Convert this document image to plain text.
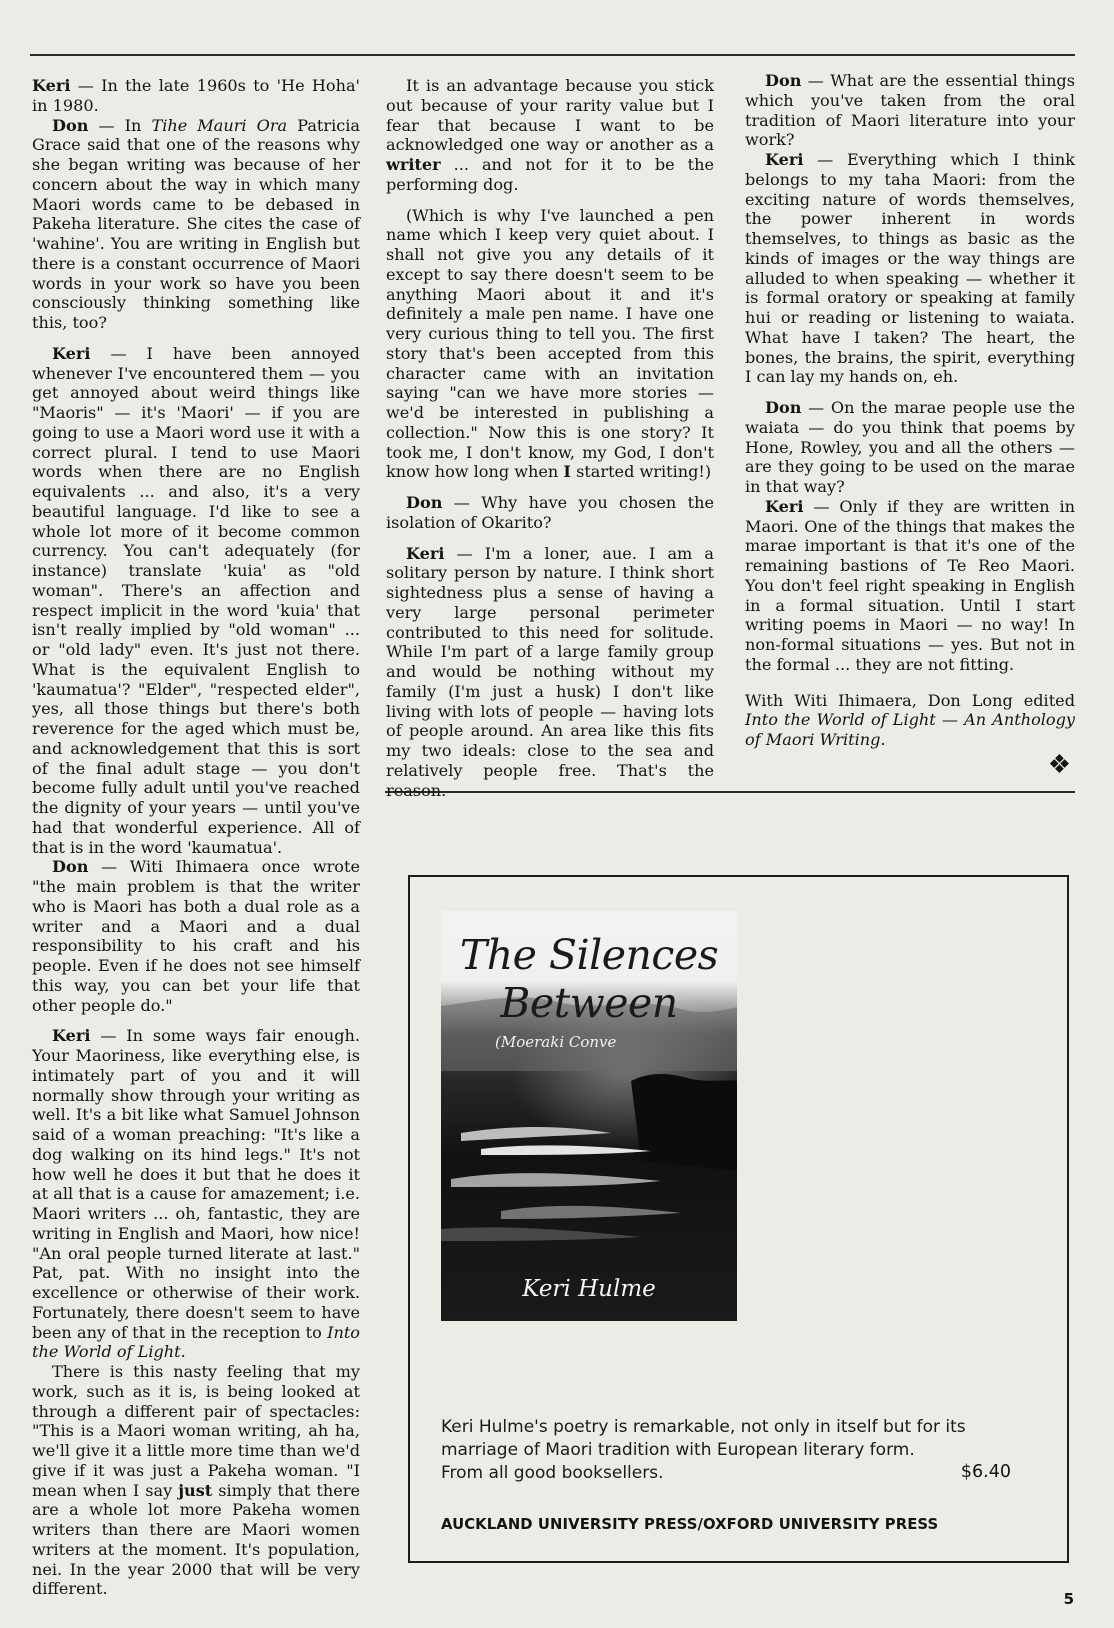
Keri — In the late 1960s to 'He Hoha' in 1980.

Don — In Tihe Mauri Ora Patricia Grace said that one of the reasons why she began writing was because of her concern about the way in which many Maori words came to be debased in Pakeha literature. She cites the case of 'wahine'. You are writing in English but there is a constant occurrence of Maori words in your work so have you been consciously thinking something like this, too?

Keri — I have been annoyed whenever I've encountered them — you get annoyed about weird things like "Maoris" — it's 'Maori' — if you are going to use a Maori word use it with a correct plural. I tend to use Maori words when there are no English equivalents ... and also, it's a very beautiful language. I'd like to see a whole lot more of it become common currency. You can't adequately (for instance) translate 'kuia' as "old woman". There's an affection and respect implicit in the word 'kuia' that isn't really implied by "old woman" ... or "old lady" even. It's just not there. What is the equivalent English to 'kaumatua'? "Elder", "respected elder", yes, all those things but there's both reverence for the aged which must be, and acknowledgement that this is sort of the final adult stage — you don't become fully adult until you've reached the dignity of your years — until you've had that wonderful experience. All of that is in the word 'kaumatua'.

Don — Witi Ihimaera once wrote "the main problem is that the writer who is Maori has both a dual role as a writer and a Maori and a dual responsibility to his craft and his people. Even if he does not see himself this way, you can bet your life that other people do."

Keri — In some ways fair enough. Your Maoriness, like everything else, is intimately part of you and it will normally show through your writing as well. It's a bit like what Samuel Johnson said of a woman preaching: "It's like a dog walking on its hind legs." It's not how well he does it but that he does it at all that is a cause for amazement; i.e. Maori writers ... oh, fantastic, they are writing in English and Maori, how nice! "An oral people turned literate at last." Pat, pat. With no insight into the excellence or otherwise of their work. Fortunately, there doesn't seem to have been any of that in the reception to Into the World of Light.

There is this nasty feeling that my work, such as it is, is being looked at through a different pair of spectacles: "This is a Maori woman writing, ah ha, we'll give it a little more time than we'd give if it was just a Pakeha woman. "I mean when I say just simply that there are a whole lot more Pakeha women writers than there are Maori women writers at the moment. It's population, nei. In the year 2000 that will be very different.

It is an advantage because you stick out because of your rarity value but I fear that because I want to be acknowledged one way or another as a writer ... and not for it to be the performing dog.

(Which is why I've launched a pen name which I keep very quiet about. I shall not give you any details of it except to say there doesn't seem to be anything Maori about it and it's definitely a male pen name. I have one very curious thing to tell you. The first story that's been accepted from this character came with an invitation saying "can we have more stories — we'd be interested in publishing a collection." Now this is one story? It took me, I don't know, my God, I don't know how long when I started writing!)

Don — Why have you chosen the isolation of Okarito?

Keri — I'm a loner, aue. I am a solitary person by nature. I think short sightedness plus a sense of having a very large personal perimeter contributed to this need for solitude. While I'm part of a large family group and would be nothing without my family (I'm just a husk) I don't like living with lots of people — having lots of people around. An area like this fits my two ideals: close to the sea and relatively people free. That's the reason.

Don — What are the essential things which you've taken from the oral tradition of Maori literature into your work?

Keri — Everything which I think belongs to my taha Maori: from the exciting nature of words themselves, the power inherent in words themselves, to things as basic as the kinds of images or the way things are alluded to when speaking — whether it is formal oratory or speaking at family hui or reading or listening to waiata. What have I taken? The heart, the bones, the brains, the spirit, everything I can lay my hands on, eh.

Don — On the marae people use the waiata — do you think that poems by Hone, Rowley, you and all the others — are they going to be used on the marae in that way?

Keri — Only if they are written in Maori. One of the things that makes the marae important is that it's one of the remaining bastions of Te Reo Maori. You don't feel right speaking in English in a formal situation. Until I start writing poems in Maori — no way! In non-formal situations — yes. But not in the formal ... they are not fitting.

With Witi Ihimaera, Don Long edited Into the World of Light — An Anthology of Maori Writing.

❖
The Silences Between
(Moeraki Conve
Keri Hulme
Keri Hulme's poetry is remarkable, not only in itself but for its
marriage of Maori tradition with European literary form.
From all good booksellers.	$6.40
AUCKLAND UNIVERSITY PRESS/OXFORD UNIVERSITY PRESS
5
